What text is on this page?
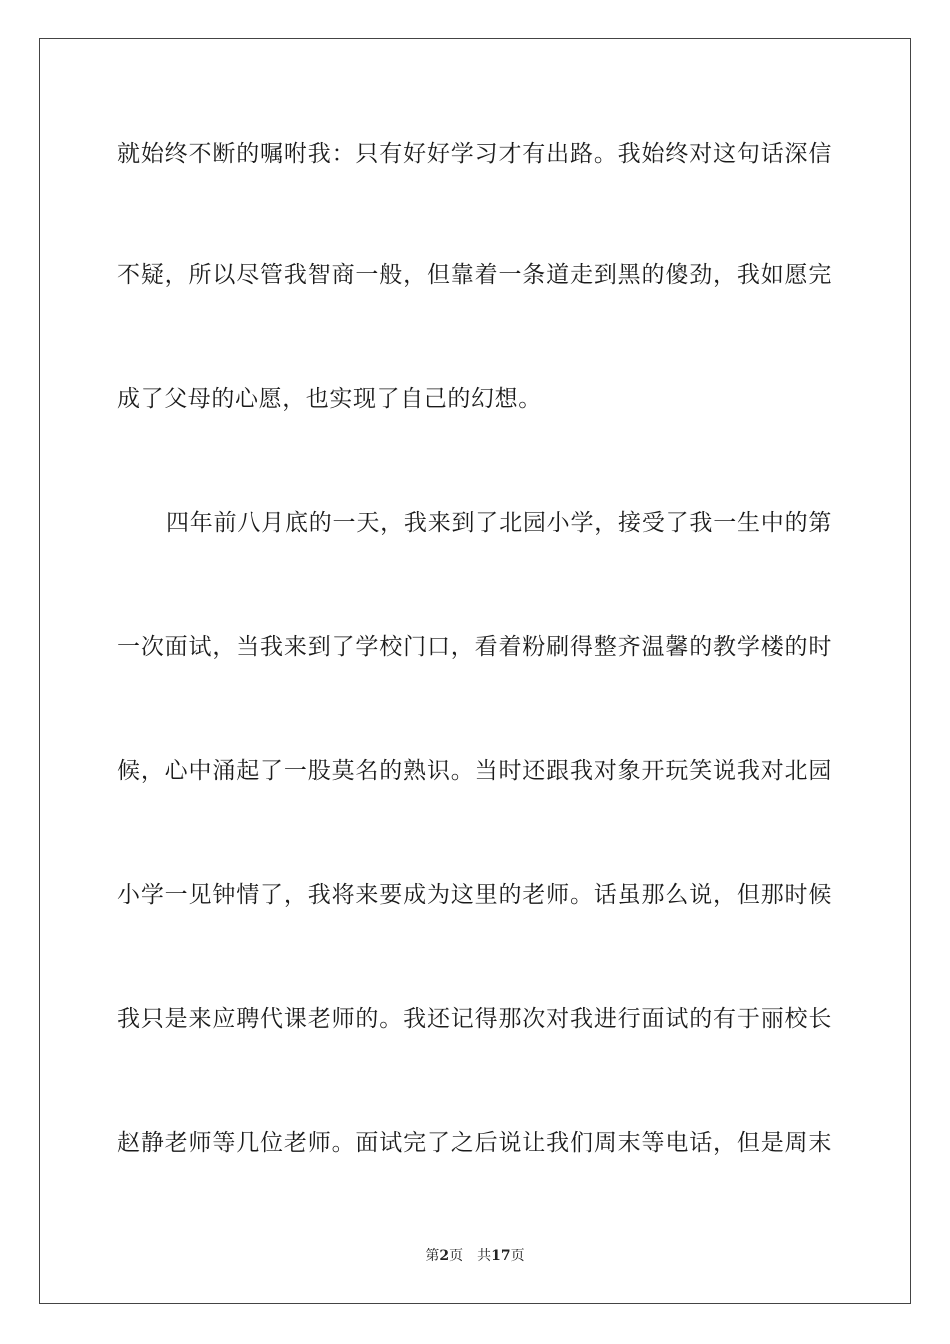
就始终不断的嘱咐我：只有好好学习才有出路。我始终对这句话深信
不疑，所以尽管我智商一般，但靠着一条道走到黑的傻劲，我如愿完
成了父母的心愿，也实现了自己的幻想。
四年前八月底的一天，我来到了北园小学，接受了我一生中的第
一次面试，当我来到了学校门口，看着粉刷得整齐温馨的教学楼的时
候，心中涌起了一股莫名的熟识。当时还跟我对象开玩笑说我对北园
小学一见钟情了，我将来要成为这里的老师。话虽那么说，但那时候
我只是来应聘代课老师的。我还记得那次对我进行面试的有于丽校长
赵静老师等几位老师。面试完了之后说让我们周末等电话，但是周末
第2页 共17页
